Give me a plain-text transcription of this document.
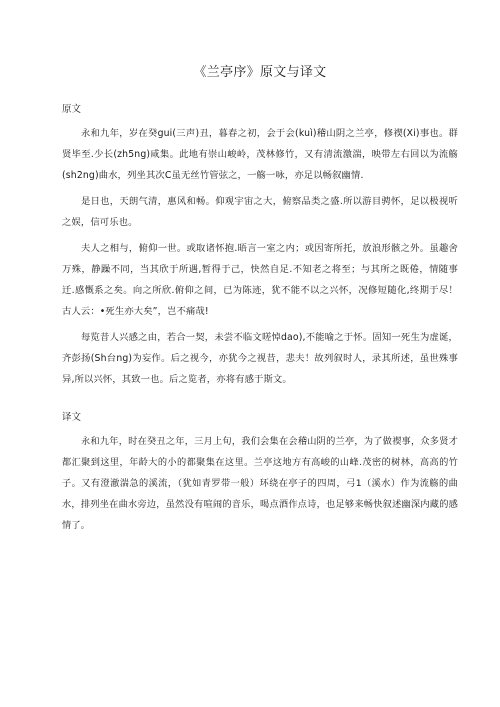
《兰亭序》原文与译文
原文

永和九年，岁在癸gui(三声)丑，暮春之初，会于会(kuì)稽山阴之兰亭，修禊(Xi)事也。群贤毕至.少长(zh5ng)咸集。此地有崇山峻岭，茂林修竹，又有清流激湍，映带左右回以为流觞(sh2ng)曲水，列坐其次C虽无丝竹管弦之，一觞一咏，亦足以畅叙幽情.

是日也，天朗气清，惠风和畅。仰观宇宙之大，俯察品类之盛.所以游目骋怀，足以极视听之娱，信可乐也。

夫人之相与，俯仰一世。或取诸怀抱.晤言一室之内；或因寄所托，放浪形骸之外。虽趣舍万殊，静躁不同，当其欣于所遇,暂得于己，快然自足.不知老之将至；与其所之既倦，情随事迁.感慨系之矣。向之所欣.俯仰之间，已为陈迹，犹不能不以之兴怀，况修短随化,终期于尽！古人云：•死生亦大矣”，岂不痛哉!

每览昔人兴感之由，若合一契，未尝不临文嗟悼dao),不能喻之于怀。固知一死生为虚诞，齐彭扬(Sh台ng)为妄作。后之视今，亦犹今之视昔，悲夫！故列叙时人，录其所述，虽世殊事异,所以兴怀，其致一也。后之览者，亦将有感于斯文。

译文

永和九年，时在癸丑之年，三月上旬，我们会集在会稽山阴的兰亭，为了做禊事，众多贤才都汇聚到这里，年龄大的小的都聚集在这里。兰亭这地方有高峻的山峰.茂密的树林，高高的竹子。又有澄澈湍急的溪流，（犹如青罗带一般）环绕在亭子的四周，弓1（溪水）作为流觞的曲水，排列坐在曲水旁边，虽然没有喧闹的音乐，喝点酒作点诗，也足够来畅快叙述幽深内藏的感情了。
